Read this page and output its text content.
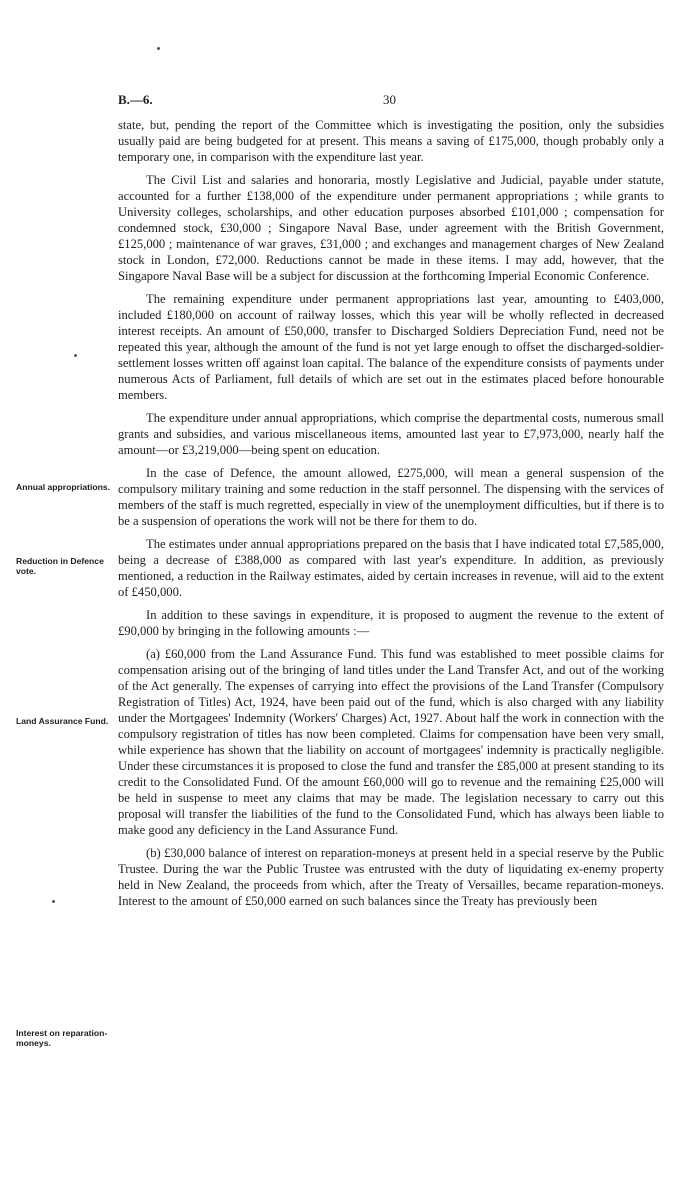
B.—6.	30
Annual appropriations.
Reduction in Defence vote.
Land Assurance Fund.
Interest on reparation-moneys.

state, but, pending the report of the Committee which is investigating the position, only the subsidies usually paid are being budgeted for at present. This means a saving of £175,000, though probably only a temporary one, in comparison with the expenditure last year.

The Civil List and salaries and honoraria, mostly Legislative and Judicial, payable under statute, accounted for a further £138,000 of the expenditure under permanent appropriations ; while grants to University colleges, scholarships, and other education purposes absorbed £101,000 ; compensation for condemned stock, £30,000 ; Singapore Naval Base, under agreement with the British Government, £125,000 ; maintenance of war graves, £31,000 ; and exchanges and management charges of New Zealand stock in London, £72,000. Reductions cannot be made in these items. I may add, however, that the Singapore Naval Base will be a subject for discussion at the forthcoming Imperial Economic Conference.

The remaining expenditure under permanent appropriations last year, amounting to £403,000, included £180,000 on account of railway losses, which this year will be wholly reflected in decreased interest receipts. An amount of £50,000, transfer to Discharged Soldiers Depreciation Fund, need not be repeated this year, although the amount of the fund is not yet large enough to offset the discharged-soldier-settlement losses written off against loan capital. The balance of the expenditure consists of payments under numerous Acts of Parliament, full details of which are set out in the estimates placed before honourable members.

The expenditure under annual appropriations, which comprise the departmental costs, numerous small grants and subsidies, and various miscellaneous items, amounted last year to £7,973,000, nearly half the amount—or £3,219,000—being spent on education.

In the case of Defence, the amount allowed, £275,000, will mean a general suspension of the compulsory military training and some reduction in the staff personnel. The dispensing with the services of members of the staff is much regretted, especially in view of the unemployment difficulties, but if there is to be a suspension of operations the work will not be there for them to do.

The estimates under annual appropriations prepared on the basis that I have indicated total £7,585,000, being a decrease of £388,000 as compared with last year's expenditure. In addition, as previously mentioned, a reduction in the Railway estimates, aided by certain increases in revenue, will aid to the extent of £450,000.

In addition to these savings in expenditure, it is proposed to augment the revenue to the extent of £90,000 by bringing in the following amounts :—

(a) £60,000 from the Land Assurance Fund. This fund was established to meet possible claims for compensation arising out of the bringing of land titles under the Land Transfer Act, and out of the working of the Act generally. The expenses of carrying into effect the provisions of the Land Transfer (Compulsory Registration of Titles) Act, 1924, have been paid out of the fund, which is also charged with any liability under the Mortgagees' Indemnity (Workers' Charges) Act, 1927. About half the work in connection with the compulsory registration of titles has now been completed. Claims for compensation have been very small, while experience has shown that the liability on account of mortgagees' indemnity is practically negligible. Under these circumstances it is proposed to close the fund and transfer the £85,000 at present standing to its credit to the Consolidated Fund. Of the amount £60,000 will go to revenue and the remaining £25,000 will be held in suspense to meet any claims that may be made. The legislation necessary to carry out this proposal will transfer the liabilities of the fund to the Consolidated Fund, which has always been liable to make good any deficiency in the Land Assurance Fund.

(b) £30,000 balance of interest on reparation-moneys at present held in a special reserve by the Public Trustee. During the war the Public Trustee was entrusted with the duty of liquidating ex-enemy property held in New Zealand, the proceeds from which, after the Treaty of Versailles, became reparation-moneys. Interest to the amount of £50,000 earned on such balances since the Treaty has previously been
